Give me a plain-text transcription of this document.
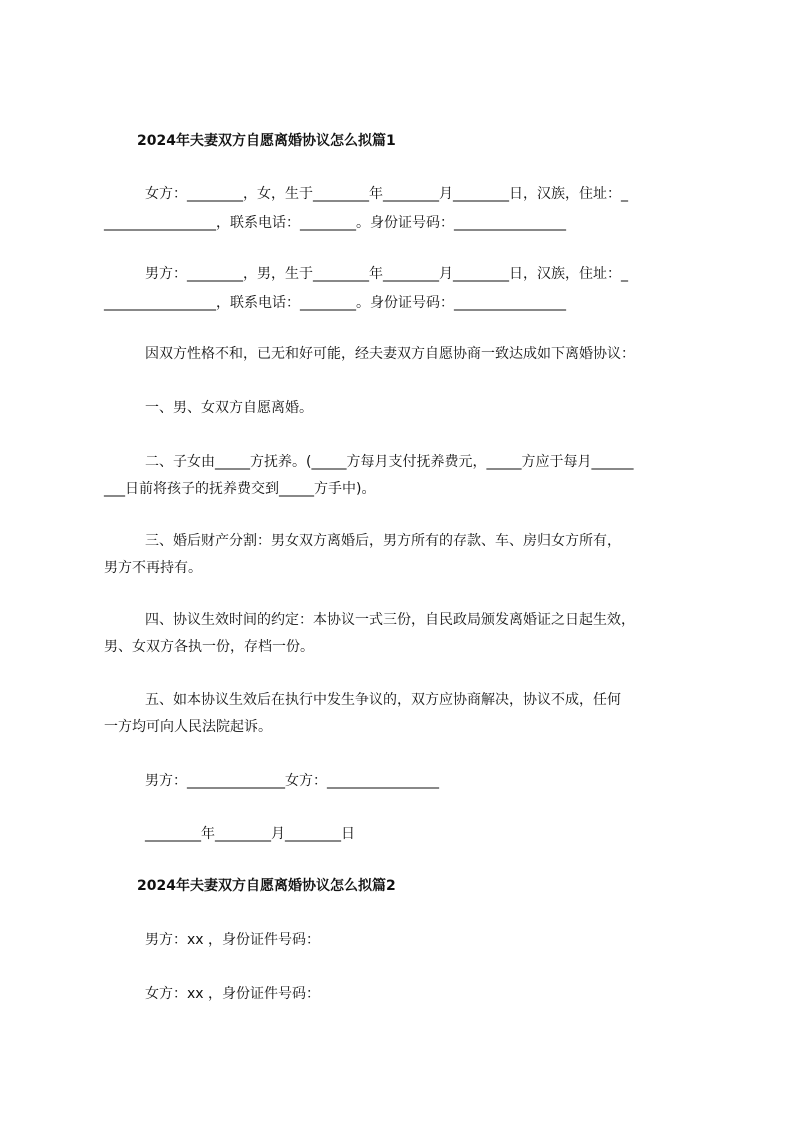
2024年夫妻双方自愿离婚协议怎么拟篇1
女方：________，女，生于________年________月________日，汉族，住址：_
________________，联系电话：________。身份证号码：________________
男方：________，男，生于________年________月________日，汉族，住址：_
________________，联系电话：________。身份证号码：________________
因双方性格不和，已无和好可能，经夫妻双方自愿协商一致达成如下离婚协议：
一、男、女双方自愿离婚。
二、子女由_____方抚养。(_____方每月支付抚养费元，_____方应于每月______
___日前将孩子的抚养费交到_____方手中)。
三、婚后财产分割：男女双方离婚后，男方所有的存款、车、房归女方所有，
男方不再持有。
四、协议生效时间的约定：本协议一式三份，自民政局颁发离婚证之日起生效，
男、女双方各执一份，存档一份。
五、如本协议生效后在执行中发生争议的，双方应协商解决，协议不成，任何
一方均可向人民法院起诉。
男方：______________女方：________________
________年________月________日
2024年夫妻双方自愿离婚协议怎么拟篇2
男方：xx ，身份证件号码：
女方：xx ，身份证件号码：
